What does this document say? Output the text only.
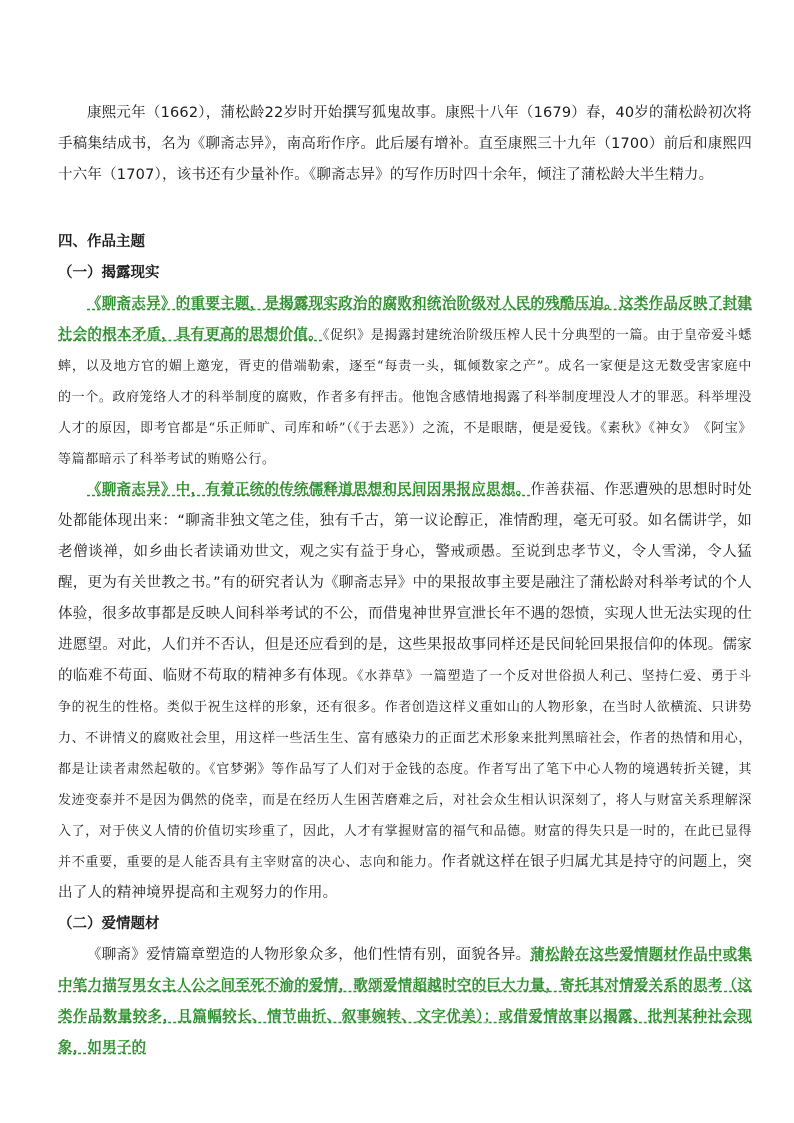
康熙元年（1662），蒲松龄22岁时开始撰写狐鬼故事。康熙十八年（1679）春，40岁的蒲松龄初次将手稿集结成书，名为《聊斋志异》，南高珩作序。此后屡有增补。直至康熙三十九年（1700）前后和康熙四十六年（1707），该书还有少量补作。《聊斋志异》的写作历时四十余年，倾注了蒲松龄大半生精力。

四、作品主题

（一）揭露现实

《聊斋志异》的重要主题，是揭露现实政治的腐败和统治阶级对人民的残酷压迫。这类作品反映了封建社会的根本矛盾，具有更高的思想价值。《促织》是揭露封建统治阶级压榨人民十分典型的一篇。由于皇帝爱斗蟋蟀，以及地方官的媚上邀宠，胥吏的借端勒索，逐至“每责一头，辄倾数家之产”。成名一家便是这无数受害家庭中的一个。政府笼络人才的科举制度的腐败，作者多有抨击。他饱含感情地揭露了科举制度埋没人才的罪恶。科举埋没人才的原因，即考官都是“乐正师旷、司库和峤”（《于去恶》）之流，不是眼瞎，便是爱钱。《素秋》《神女》　《阿宝》等篇都暗示了科举考试的贿赂公行。

《聊斋志异》中，有着正统的传统儒释道思想和民间因果报应思想。作善获福、作恶遭殃的思想时时处处都能体现出来：“聊斋非独文笔之佳，独有千古，第一议论醇正，准情酌理，毫无可驳。如名儒讲学，如老僧谈禅，如乡曲长者读诵劝世文，观之实有益于身心，警戒顽愚。至说到忠孝节义，令人雪涕，令人猛醒，更为有关世教之书。”有的研究者认为《聊斋志异》中的果报故事主要是融注了蒲松龄对科举考试的个人体验，很多故事都是反映人间科举考试的不公，而借鬼神世界宣泄长年不遇的怨愤，实现人世无法实现的仕进愿望。对此，人们并不否认，但是还应看到的是，这些果报故事同样还是民间轮回果报信仰的体现。儒家的临难不苟面、临财不苟取的精神多有体现。《水莽草》一篇塑造了一个反对世俗损人利己、坚持仁爱、勇于斗争的祝生的性格。类似于祝生这样的形象，还有很多。作者创造这样义重如山的人物形象，在当时人欲横流、只讲势力、不讲情义的腐败社会里，用这样一些活生生、富有感染力的正面艺术形象来批判黑暗社会，作者的热情和用心，都是让读者肃然起敬的。《官梦粥》等作品写了人们对于金钱的态度。作者写出了笔下中心人物的境遇转折关键，其发迹变泰并不是因为偶然的侥幸，而是在经历人生困苦磨难之后，对社会众生相认识深刻了，将人与财富关系理解深入了，对于侠义人情的价值切实珍重了，因此，人才有掌握财富的福气和品德。财富的得失只是一时的，在此已显得并不重要，重要的是人能否具有主宰财富的决心、志向和能力。作者就这样在银子归属尤其是持守的问题上，突出了人的精神境界提高和主观努力的作用。

（二）爱情题材

《聊斋》爱情篇章塑造的人物形象众多，他们性情有别，面貌各异。蒲松龄在这些爱情题材作品中或集中笔力描写男女主人公之间至死不渝的爱情，歌颂爱情超越时空的巨大力量，寄托其对情爱关系的思考（这类作品数量较多，且篇幅较长、情节曲折、叙事婉转、文字优美）；或借爱情故事以揭露、批判某种社会现象，如男子的
